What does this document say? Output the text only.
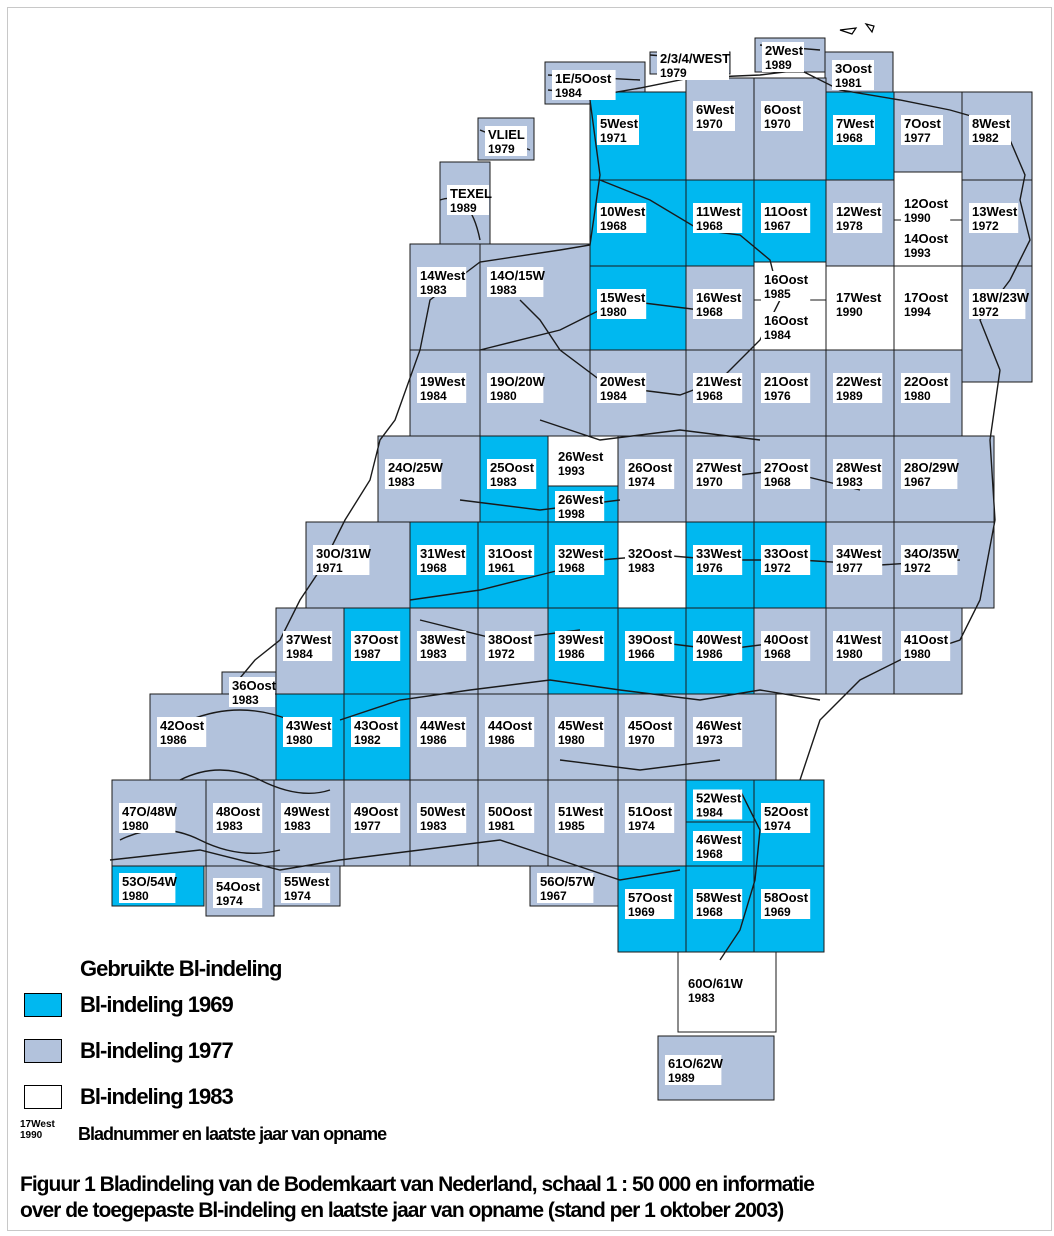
1E/5Oost
1984
2/3/4/WEST
1979
2West
1989	3Oost
1981
VLIEL
1979
5West
1971
6West
1970
6Oost
1970	7West
1968
7Oost
1977
8West
1982
TEXEL
1989	10West
1968
11West
1968
11Oost
1967
12West
1978
12Oost
1990	13West
1972
14Oost
1993
14West
1983
14O/15W
1983	15West
1980
16West
1968
16Oost
1985
16Oost
1984
17West
1990
17Oost
1994
18W/23W
1972
19West
1984
19O/20W
1980
20West
1984
21West
1968
21Oost
1976
22West
1989
22Oost
1980
24O/25W
1983
25Oost
1983
26West
1993	26Oost
1974
27West
1970
27Oost
1968
28West
1983
28O/29W
1967
26West
1998
30O/31W
1971
31West
1968
31Oost
1961
32West
1968
32Oost
1983
33West
1976
33Oost
1972
34West
1977
34O/35W
1972
37West
1984
37Oost
1987
38West
1983
38Oost
1972
39West
1986
39Oost
1966
40West
1986
40Oost
1968
41West
1980
41Oost
1980
36Oost
1983
42Oost
1986
43West
1980
43Oost
1982
44West
1986
44Oost
1986
45West
1980
45Oost
1970
46West
1973
47O/48W
1980
48Oost
1983
49West
1983
49Oost
1977
50West
1983
50Oost
1981
51West
1985
51Oost
1974
52West
1984	52Oost
1974
46West
1968
53O/54W
1980
54Oost
1974
55West
1974
56O/57W
1967	57Oost
1969
58West
1968
58Oost
1969
60O/61W
1983
61O/62W
1989
Gebruikte Bl-indeling
Bl-indeling 1969
Bl-indeling 1977
Bl-indeling 1983
17West
1990	Bladnummer en laatste jaar van opname
Figuur 1 Bladindeling van de Bodemkaart van Nederland, schaal 1 : 50 000 en informatie
over de toegepaste Bl-indeling en laatste jaar van opname (stand per 1 oktober 2003)
